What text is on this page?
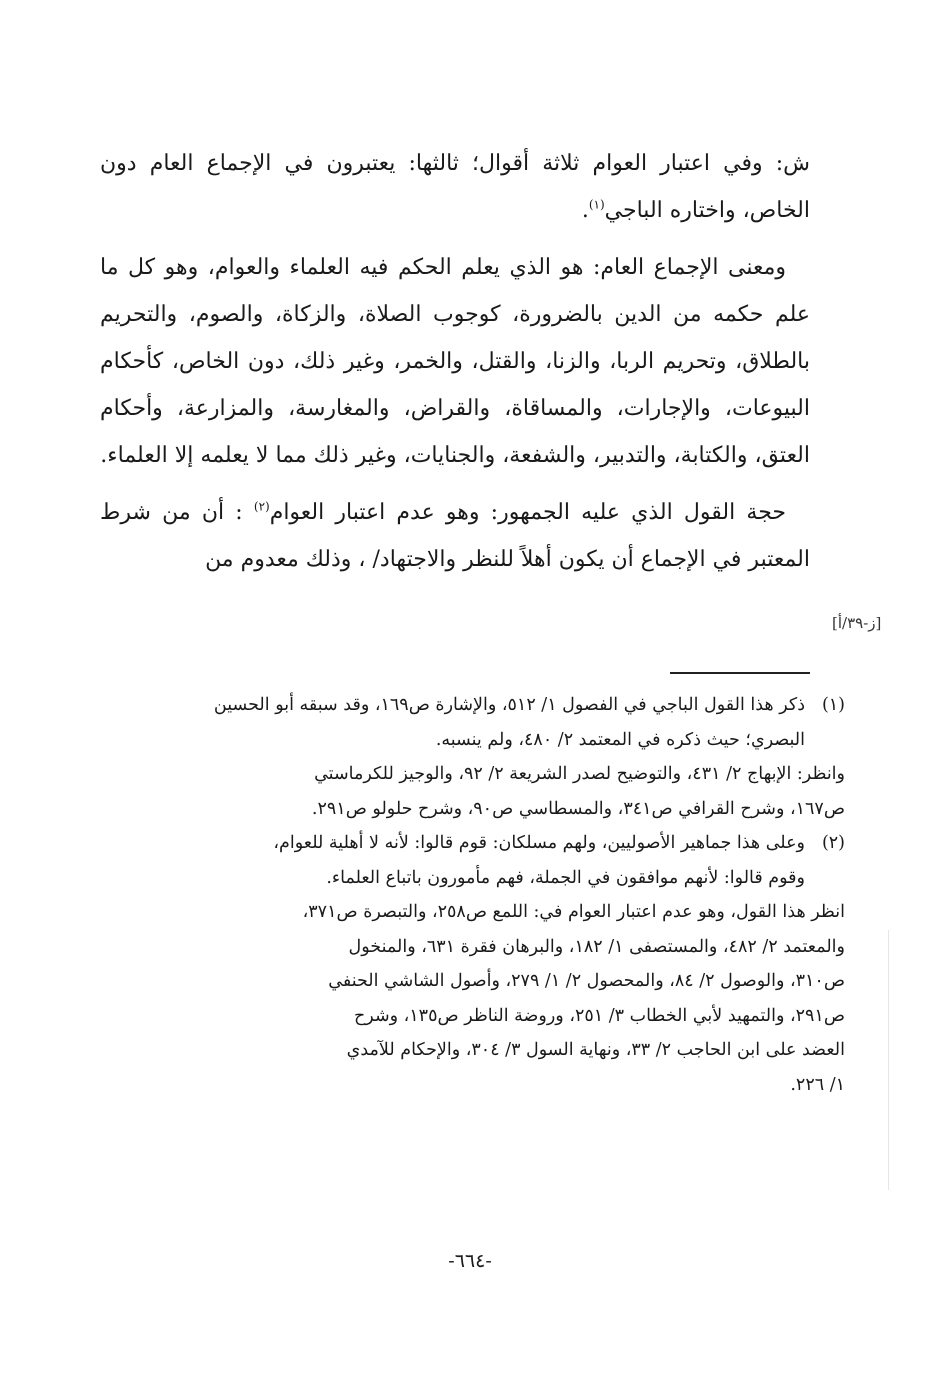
ش: وفي اعتبار العوام ثلاثة أقوال؛ ثالثها: يعتبرون في الإجماع العام دون الخاص، واختاره الباجي$^{(١)}$.

ومعنى الإجماع العام: هو الذي يعلم الحكم فيه العلماء والعوام، وهو كل ما علم حكمه من الدين بالضرورة، كوجوب الصلاة، والزكاة، والصوم، والتحريم بالطلاق، وتحريم الربا، والزنا، والقتل، والخمر، وغير ذلك، دون الخاص، كأحكام البيوعات، والإجارات، والمساقاة، والقراض، والمغارسة، والمزارعة، وأحكام العتق، والكتابة، والتدبير، والشفعة، والجنايات، وغير ذلك مما لا يعلمه إلا العلماء.

حجة القول الذي عليه الجمهور: وهو عدم اعتبار العوام$^{(٢)}$ : أن من شرط المعتبر في الإجماع أن يكون أهلاً للنظر والاجتهاد/ ، وذلك معدوم من

[ز-٣٩/أ]
(١)
ذكر هذا القول الباجي في الفصول ١/ ٥١٢، والإشارة ص١٦٩، وقد سبقه أبو الحسين
البصري؛ حيث ذكره في المعتمد ٢/ ٤٨٠، ولم ينسبه.
وانظر: الإبهاج ٢/ ٤٣١، والتوضيح لصدر الشريعة ٢/ ٩٢، والوجيز للكرماستي
ص١٦٧، وشرح القرافي ص٣٤١، والمسطاسي ص٩٠، وشرح حلولو ص٢٩١.
(٢)
وعلى هذا جماهير الأصوليين، ولهم مسلكان: قوم قالوا: لأنه لا أهلية للعوام،
وقوم قالوا: لأنهم موافقون في الجملة، فهم مأمورون باتباع العلماء.
انظر هذا القول، وهو عدم اعتبار العوام في: اللمع ص٢٥٨، والتبصرة ص٣٧١،
والمعتمد ٢/ ٤٨٢، والمستصفى ١/ ١٨٢، والبرهان فقرة ٦٣١، والمنخول
ص٣١٠، والوصول ٢/ ٨٤، والمحصول ٢/ ١/ ٢٧٩، وأصول الشاشي الحنفي
ص٢٩١، والتمهيد لأبي الخطاب ٣/ ٢٥١، وروضة الناظر ص١٣٥، وشرح
العضد على ابن الحاجب ٢/ ٣٣، ونهاية السول ٣/ ٣٠٤، والإحكام للآمدي
١/ ٢٢٦.
-٦٦٤-
